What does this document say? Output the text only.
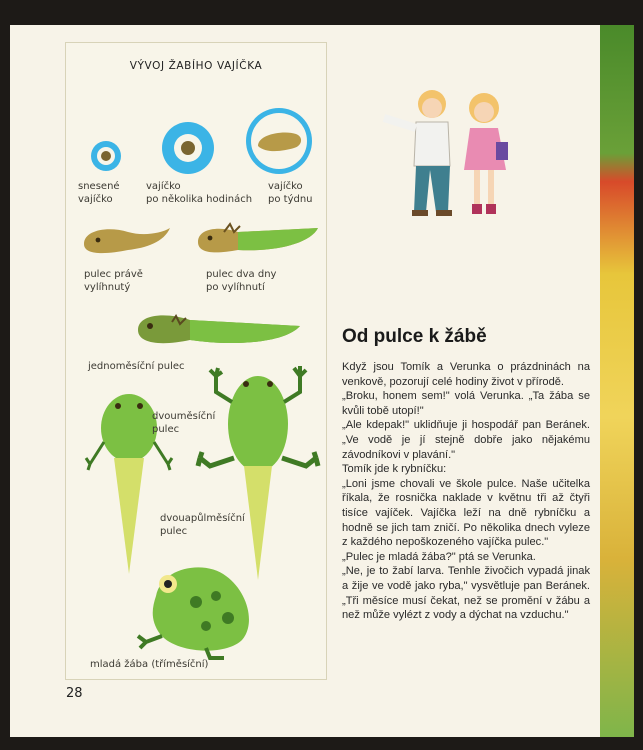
VÝVOJ ŽABÍHO VAJÍČKA
snesené
vajíčko
vajíčko
po několika hodinách
vajíčko
po týdnu
pulec právě
vylíhnutý
pulec dva dny
po vylíhnutí
jednoměsíční pulec
dvouměsíční
pulec
dvouapůlměsíční
pulec
mladá žába (tříměsíční)
28
Od pulce k žábě

Když jsou Tomík a Verunka o prázdninách na venkově, pozorují celé hodiny život v přírodě.

„Broku, honem sem!" volá Verunka. „Ta žába se kvůli tobě utopí!"

„Ale kdepak!" uklidňuje ji hospodář pan Beránek. „Ve vodě je jí stejně dobře jako nějakému závodníkovi v plavání."

Tomík jde k rybníčku:

„Loni jsme chovali ve škole pulce. Naše učitelka říkala, že rosnička naklade v květnu tři až čtyři tisíce vajíček. Vajíčka leží na dně rybníčku a hodně se jich tam zničí. Po několika dnech vyleze z každého nepoškozeného vajíčka pulec."

„Pulec je mladá žába?" ptá se Verunka.

„Ne, je to žabí larva. Tenhle živočich vypadá jinak a žije ve vodě jako ryba," vysvětluje pan Beránek. „Tři měsíce musí čekat, než se promění v žábu a než může vylézt z vody a dýchat na vzduchu."
